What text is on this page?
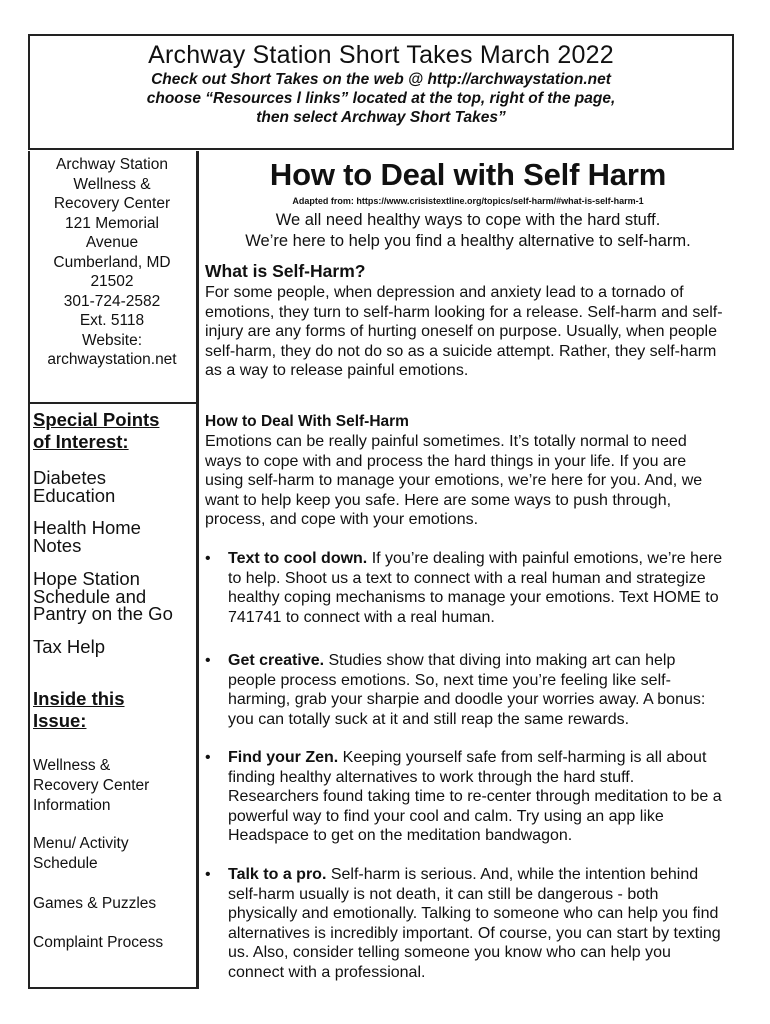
Archway Station Short Takes March 2022
Check out Short Takes on the web @ http://archwaystation.net
choose “Resources l links” located at the top, right of the page,
then select Archway Short Takes”
Archway Station
Wellness &
Recovery Center
121 Memorial
Avenue
Cumberland, MD
21502
301-724-2582
Ext. 5118
Website:
archwaystation.net
Special Points
of Interest:
Diabetes
Education
Health Home
Notes
Hope Station
Schedule and
Pantry on the Go
Tax Help
Inside this
Issue:
Wellness &
Recovery Center
Information
Menu/ Activity
Schedule
Games & Puzzles
Complaint Process
How to Deal with Self Harm
Adapted from: https://www.crisistextline.org/topics/self-harm/#what-is-self-harm-1
We all need healthy ways to cope with the hard stuff.
We’re here to help you find a healthy alternative to self-harm.
What is Self-Harm?
For some people, when depression and anxiety lead to a tornado of emotions, they turn to self-harm looking for a release. Self-harm and self-injury are any forms of hurting oneself on purpose. Usually, when people self-harm, they do not do so as a suicide attempt. Rather, they self-harm as a way to release painful emotions.
How to Deal With Self-Harm
Emotions can be really painful sometimes. It’s totally normal to need ways to cope with and process the hard things in your life. If you are using self-harm to manage your emotions, we’re here for you. And, we want to help keep you safe. Here are some ways to push through, process, and cope with your emotions.
•	Text to cool down. If you’re dealing with painful emotions, we’re here to help. Shoot us a text to connect with a real human and strategize healthy coping mechanisms to manage your emotions. Text HOME to 741741 to connect with a real human.
•	Get creative. Studies show that diving into making art can help people process emotions. So, next time you’re feeling like self-harming, grab your sharpie and doodle your worries away. A bonus: you can totally suck at it and still reap the same rewards.
•	Find your Zen. Keeping yourself safe from self-harming is all about finding healthy alternatives to work through the hard stuff. Researchers found taking time to re-center through meditation to be a powerful way to find your cool and calm. Try using an app like Headspace to get on the meditation bandwagon.
•	Talk to a pro. Self-harm is serious. And, while the intention behind self-harm usually is not death, it can still be dangerous - both physically and emotionally. Talking to someone who can help you find alternatives is incredibly important. Of course, you can start by texting us. Also, consider telling someone you know who can help you connect with a professional.
